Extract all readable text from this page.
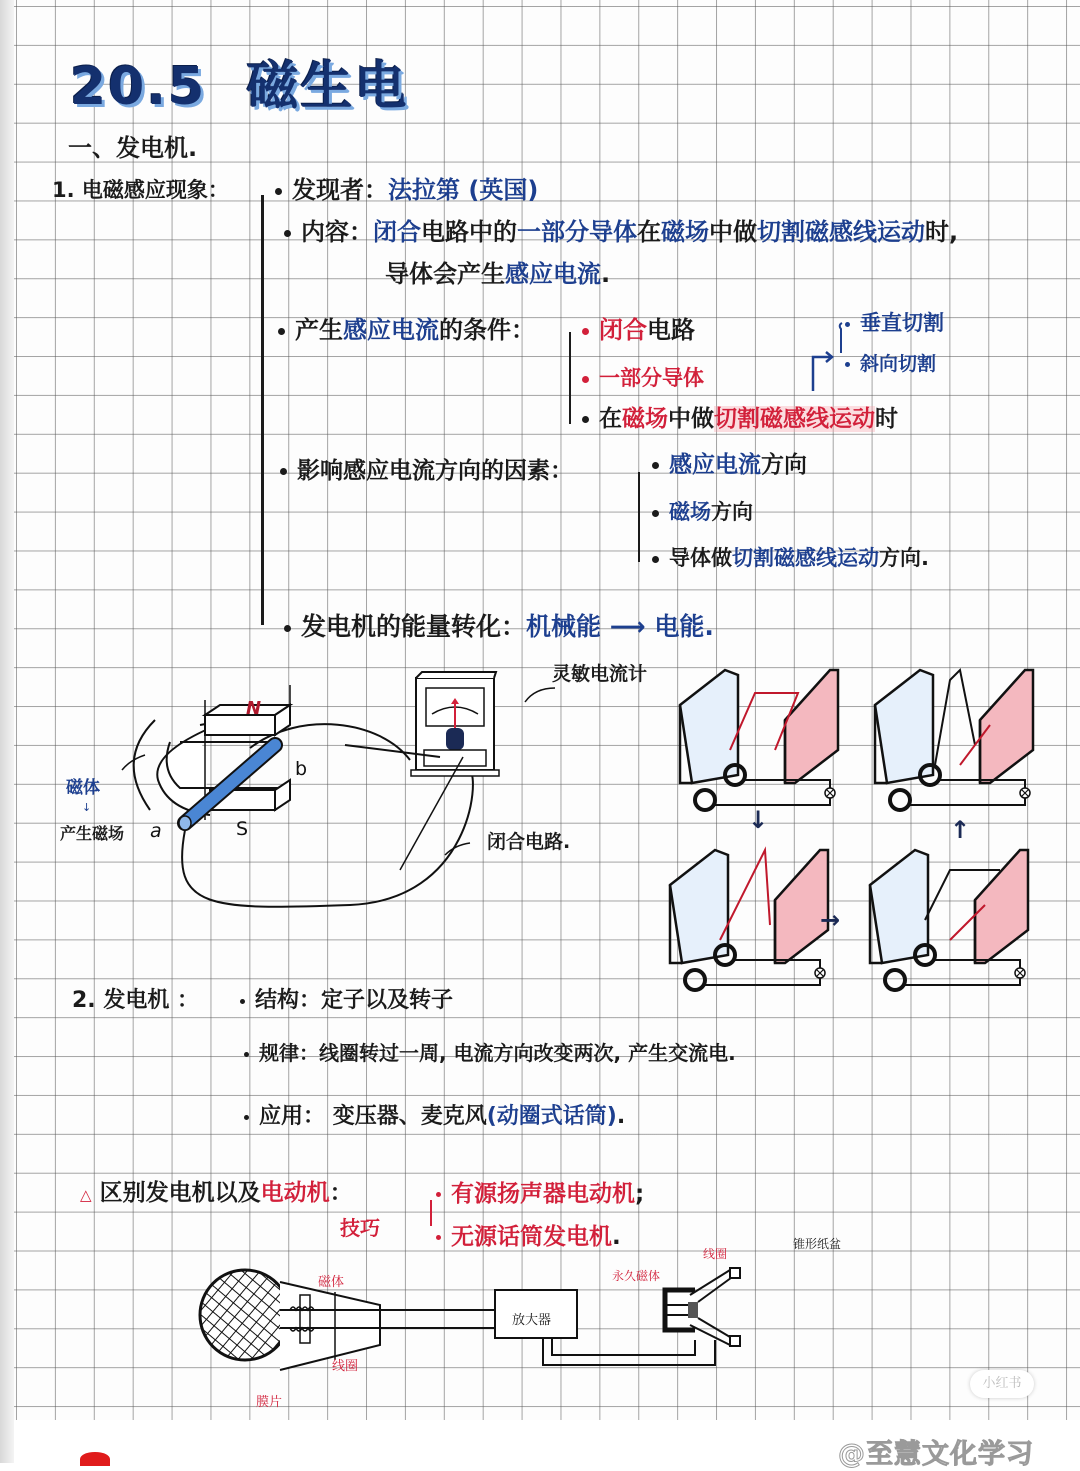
20.5 磁生电
一、发电机.
1. 电磁感应现象：	发现者：法拉第 (英国)
内容：闭合电路中的一部分导体在磁场中做切割磁感线运动时,
导体会产生感应电流.
产生感应电流的条件：	闭合电路
一部分导体
在磁场中做切割磁感线运动时
垂直切割
斜向切割
影响感应电流方向的因素：	感应电流方向
磁场方向
导体做切割磁感线运动方向.
发电机的能量转化：机械能 ⟶ 电能.
N
S
a
b
磁体
↓
产生磁场
灵敏电流计
闭合电路.
↓
→
↑
2. 发电机 ：	结构：定子以及转子
规律：线圈转过一周, 电流方向改变两次, 产生交流电.
应用： 变压器、麦克风(动圈式话筒).
△ 区别发电机以及电动机：
技巧
有源扬声器电动机;
无源话筒发电机.
磁体
线圈
膜片
放大器
永久磁体
线圈
锥形纸盆
小红书
@至慧文化学习
